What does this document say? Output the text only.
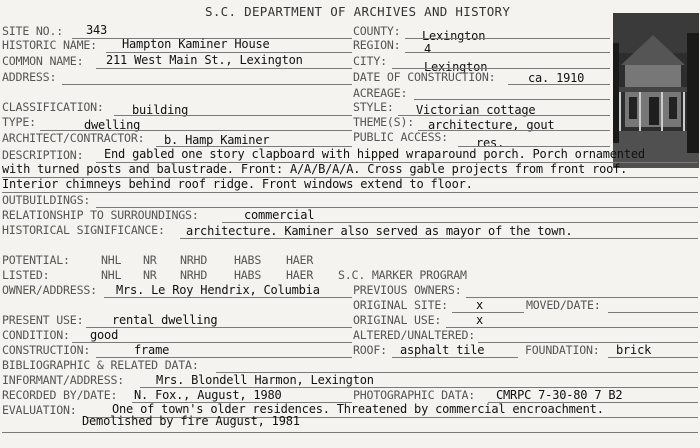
S.C. DEPARTMENT OF ARCHIVES AND HISTORY
SITE NO.: 343	COUNTY: Lexington
HISTORIC NAME: Hampton Kaminer House	REGION: 4
COMMON NAME: 211 West Main St., Lexington	CITY:	Lexington
ADDRESS:	DATE OF CONSTRUCTION:	ca. 1910
ACREAGE:
CLASSIFICATION: building	STYLE: Victorian cottage
TYPE:	dwelling	THEME(S): architecture, gout
ARCHITECT/CONTRACTOR: b. Hamp Kaminer	PUBLIC ACCESS: res.
DESCRIPTION: End gabled one story clapboard with hipped wraparound porch. Porch ornamented
with turned posts and balustrade. Front: A/A/B/A/A. Cross gable projects from front roof.
Interior chimneys behind roof ridge. Front windows extend to floor.
OUTBUILDINGS:
RELATIONSHIP TO SURROUNDINGS:	commercial
HISTORICAL SIGNIFICANCE: architecture. Kaminer also served as mayor of the town.
POTENTIAL:	NHL NR NRHD HABS HAER
LISTED:	NHL NR NRHD HABS HAER S.C. MARKER PROGRAM
OWNER/ADDRESS: Mrs. Le Roy Hendrix, Columbia	PREVIOUS OWNERS:
ORIGINAL SITE: x	MOVED/DATE:
PRESENT USE: rental dwelling	ORIGINAL USE:	x
CONDITION: good	ALTERED/UNALTERED:
CONSTRUCTION:	frame	ROOF: asphalt tile	FOUNDATION: brick
BIBLIOGRAPHIC & RELATED DATA:
INFORMANT/ADDRESS:	Mrs. Blondell Harmon, Lexington
RECORDED BY/DATE: N. Fox., August, 1980	PHOTOGRAPHIC DATA: CMRPC 7-30-80 7 B2
EVALUATION:	One of town's older residences. Threatened by commercial encroachment.
Demolished by fire August, 1981
